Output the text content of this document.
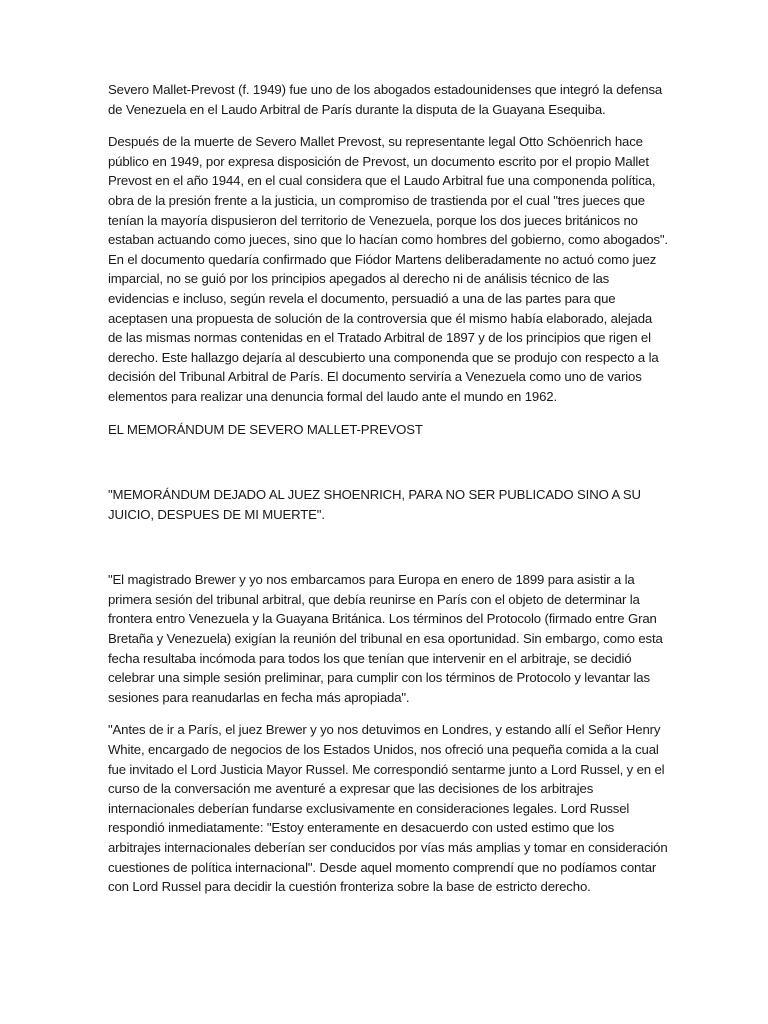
Severo Mallet-Prevost (f. 1949) fue uno de los abogados estadounidenses que integró la defensa de Venezuela en el Laudo Arbitral de París durante la disputa de la Guayana Esequiba.

Después de la muerte de Severo Mallet Prevost, su representante legal Otto Schöenrich hace público en 1949, por expresa disposición de Prevost, un documento escrito por el propio Mallet Prevost en el año 1944, en el cual considera que el Laudo Arbitral fue una componenda política, obra de la presión frente a la justicia, un compromiso de trastienda por el cual "tres jueces que tenían la mayoría dispusieron del territorio de Venezuela, porque los dos jueces británicos no estaban actuando como jueces, sino que lo hacían como hombres del gobierno, como abogados". En el documento quedaría confirmado que Fiódor Martens deliberadamente no actuó como juez imparcial, no se guió por los principios apegados al derecho ni de análisis técnico de las evidencias e incluso, según revela el documento, persuadió a una de las partes para que aceptasen una propuesta de solución de la controversia que él mismo había elaborado, alejada de las mismas normas contenidas en el Tratado Arbitral de 1897 y de los principios que rigen el derecho. Este hallazgo dejaría al descubierto una componenda que se produjo con respecto a la decisión del Tribunal Arbitral de París. El documento serviría a Venezuela como uno de varios elementos para realizar una denuncia formal del laudo ante el mundo en 1962.

EL MEMORÁNDUM DE SEVERO MALLET-PREVOST

"MEMORÁNDUM DEJADO AL JUEZ SHOENRICH, PARA NO SER PUBLICADO SINO A SU JUICIO, DESPUES DE MI MUERTE".

"El magistrado Brewer y yo nos embarcamos para Europa en enero de 1899 para asistir a la primera sesión del tribunal arbitral, que debía reunirse en París con el objeto de determinar la frontera entro Venezuela y la Guayana Británica. Los términos del Protocolo (firmado entre Gran Bretaña y Venezuela) exigían la reunión del tribunal en esa oportunidad. Sin embargo, como esta fecha resultaba incómoda para todos los que tenían que intervenir en el arbitraje, se decidió celebrar una simple sesión preliminar, para cumplir con los términos de Protocolo y levantar las sesiones para reanudarlas en fecha más apropiada".

"Antes de ir a París, el juez Brewer y yo nos detuvimos en Londres, y estando allí el Señor Henry White, encargado de negocios de los Estados Unidos, nos ofreció una pequeña comida a la cual fue invitado el Lord Justicia Mayor Russel. Me correspondió sentarme junto a Lord Russel, y en el curso de la conversación me aventuré a expresar que las decisiones de los arbitrajes internacionales deberían fundarse exclusivamente en consideraciones legales. Lord Russel respondió inmediatamente: "Estoy enteramente en desacuerdo con usted estimo que los arbitrajes internacionales deberían ser conducidos por vías más amplias y tomar en consideración cuestiones de política internacional". Desde aquel momento comprendí que no podíamos contar con Lord Russel para decidir la cuestión fronteriza sobre la base de estricto derecho.
